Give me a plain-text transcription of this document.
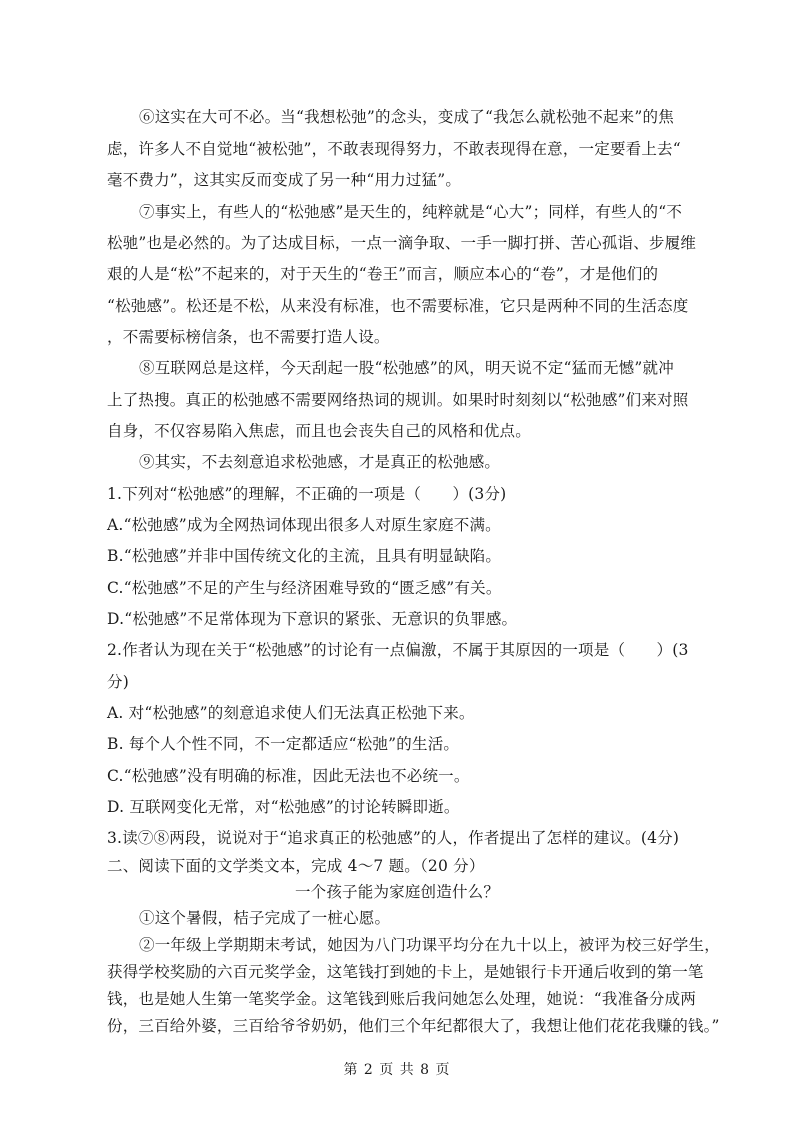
⑥这实在大可不必。当“我想松弛”的念头，变成了“我怎么就松弛不起来”的焦
虑，许多人不自觉地“被松弛”，不敢表现得努力，不敢表现得在意，一定要看上去“
毫不费力”，这其实反而变成了另一种“用力过猛”。
⑦事实上，有些人的“松弛感”是天生的，纯粹就是“心大”；同样，有些人的“不
松驰”也是必然的。为了达成目标，一点一滴争取、一手一脚打拼、苦心孤诣、步履维
艰的人是“松”不起来的，对于天生的“卷王”而言，顺应本心的“卷”，才是他们的
“松弛感”。松还是不松，从来没有标准，也不需要标准，它只是两种不同的生活态度
，不需要标榜信条，也不需要打造人设。
⑧互联网总是这样，今天刮起一股“松弛感”的风，明天说不定“猛而无憾”就冲
上了热搜。真正的松弛感不需要网络热词的规训。如果时时刻刻以“松弛感”们来对照
自身，不仅容易陷入焦虑，而且也会丧失自己的风格和优点。
⑨其实，不去刻意追求松弛感，才是真正的松弛感。
1.下列对“松弛感”的理解，不正确的一项是（　　）(3分)
A.“松弛感”成为全网热词体现出很多人对原生家庭不满。
B.“松弛感”并非中国传统文化的主流，且具有明显缺陷。
C.“松弛感”不足的产生与经济困难导致的“匮乏感”有关。
D.“松弛感”不足常体现为下意识的紧张、无意识的负罪感。
2.作者认为现在关于“松弛感”的讨论有一点偏激，不属于其原因的一项是（　　）(3
分)
A. 对“松弛感”的刻意追求使人们无法真正松弛下来。
B. 每个人个性不同，不一定都适应“松弛”的生活。
C.“松弛感”没有明确的标准，因此无法也不必统一。
D. 互联网变化无常，对“松弛感”的讨论转瞬即逝。
3.读⑦⑧两段，说说对于“追求真正的松弛感”的人，作者提出了怎样的建议。(4分)
二、阅读下面的文学类文本，完成 4～7 题。（20 分）
一个孩子能为家庭创造什么？
①这个暑假，桔子完成了一桩心愿。
②一年级上学期期末考试，她因为八门功课平均分在九十以上，被评为校三好学生，
获得学校奖励的六百元奖学金，这笔钱打到她的卡上，是她银行卡开通后收到的第一笔
钱，也是她人生第一笔奖学金。这笔钱到账后我问她怎么处理，她说：“我准备分成两
份，三百给外婆，三百给爷爷奶奶，他们三个年纪都很大了，我想让他们花花我赚的钱。”
第 2 页 共 8 页
